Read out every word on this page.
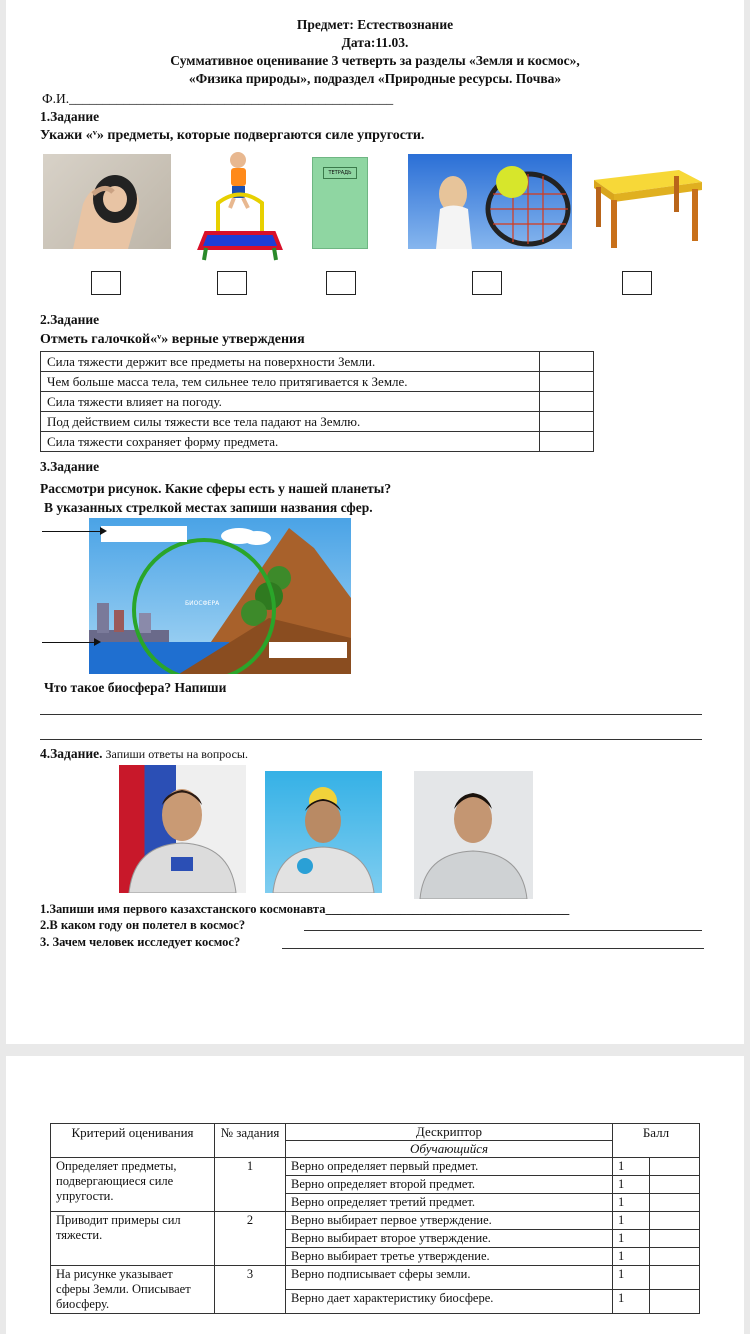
Предмет: Естествознание
Дата:11.03.
Суммативное оценивание 3 четверть за разделы «Земля и космос»,
«Физика природы», подраздел «Природные ресурсы. Почва»
Ф.И.________________________________________________
1.Задание
Укажи «ᵛ» предметы, которые подвергаются силе упругости.
ТЕТРАДЬ
2.Задание
Отметь галочкой«ᵛ» верные утверждения
Сила тяжести держит все предметы на поверхности Земли.	
Чем больше масса тела, тем сильнее тело притягивается к Земле.	
Сила тяжести влияет на погоду.	
Под действием силы тяжести все тела падают на Землю.	
Сила тяжести сохраняет форму предмета.	
3.Задание
Рассмотри рисунок. Какие сферы есть у нашей планеты?
В указанных стрелкой местах запиши названия сфер.
БИОСФЕРА
Что такое биосфера? Напиши
4.Задание. Запиши ответы на вопросы.
1.Запиши имя первого казахстанского космонавта_______________________________________
2.В каком году он полетел в космос?
3. Зачем человек исследует космос?
Критерий оценивания	№ задания	Дескриптор	Балл	
		Обучающийся		
Определяет предметы, подвергающиеся силе упругости.	1	Верно определяет первый предмет.	1	
		Верно определяет второй предмет.	1	
		Верно определяет третий предмет.	1	
Приводит примеры сил тяжести.	2	Верно выбирает первое утверждение.	1	
		Верно выбирает второе утверждение.	1	
		Верно выбирает третье утверждение.	1	
На рисунке указывает сферы Земли. Описывает биосферу.	3	Верно подписывает сферы земли.	1	
		Верно дает характеристику биосфере.	1	
